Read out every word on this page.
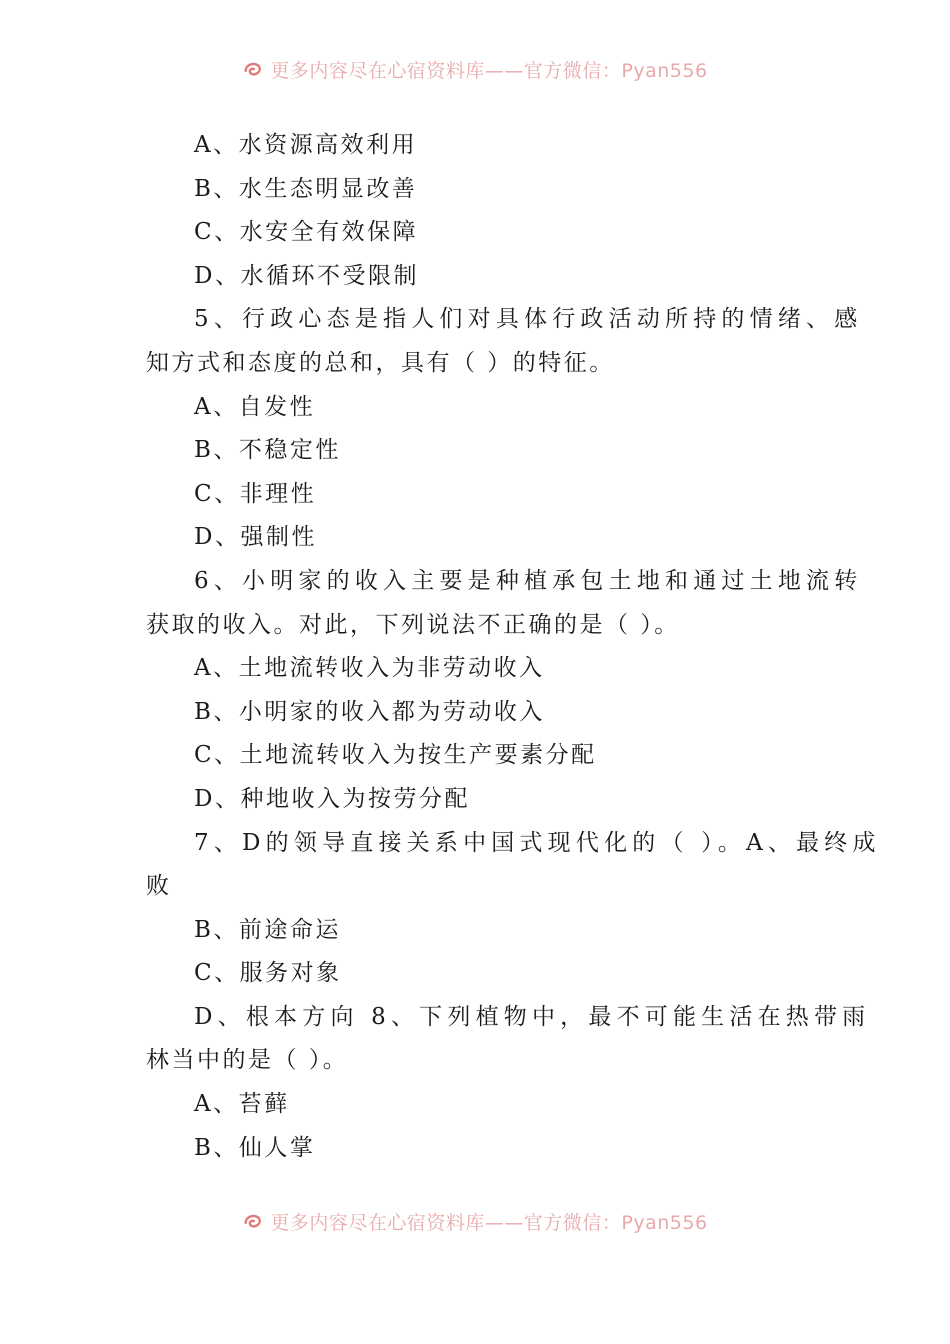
更多内容尽在心宿资料库——官方微信：Pyan556
A、水资源高效利用
B、水生态明显改善
C、水安全有效保障
D、水循环不受限制
5、行政心态是指人们对具体行政活动所持的情绪、感
知方式和态度的总和，具有（ ）的特征。
A、自发性
B、不稳定性
C、非理性
D、强制性
6、小明家的收入主要是种植承包土地和通过土地流转
获取的收入。对此，下列说法不正确的是（ ）。
A、土地流转收入为非劳动收入
B、小明家的收入都为劳动收入
C、土地流转收入为按生产要素分配
D、种地收入为按劳分配
7、D的领导直接关系中国式现代化的（ ）。A、最终成
败
B、前途命运
C、服务对象
D、根本方向 8、下列植物中，最不可能生活在热带雨
林当中的是（ ）。
A、苔藓
B、仙人掌
更多内容尽在心宿资料库——官方微信：Pyan556
